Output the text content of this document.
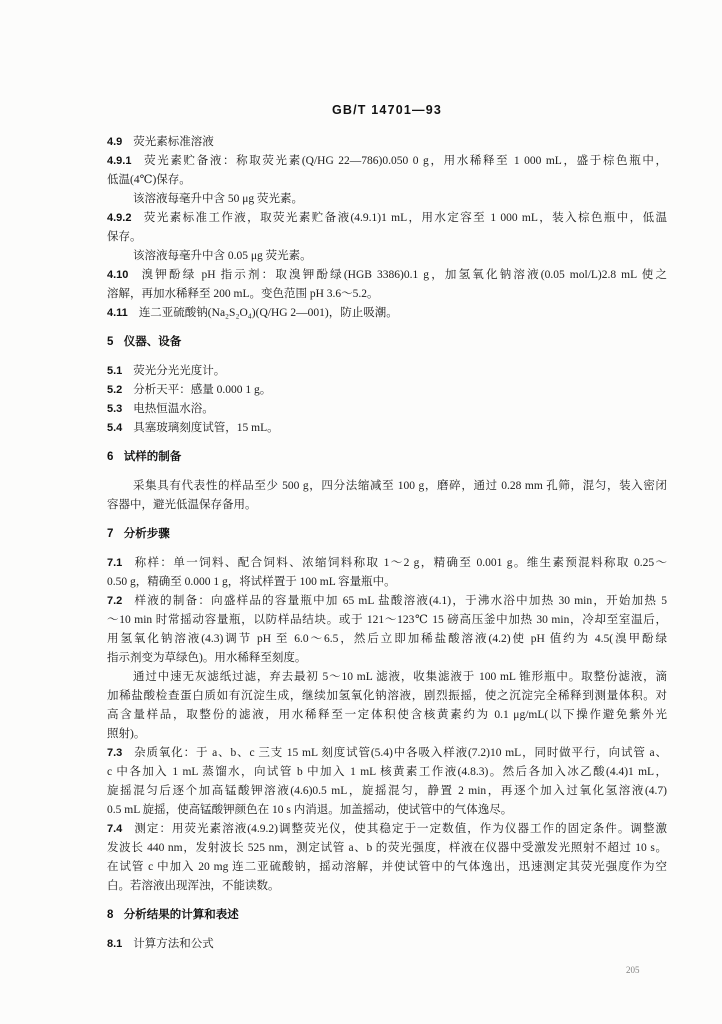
GB/T 14701—93
4.9 荧光素标准溶液
4.9.1 荧光素贮备液：称取荧光素(Q/HG 22—786)0.050 0 g，用水稀释至 1 000 mL，盛于棕色瓶中，
低温(4℃)保存。
该溶液每毫升中含 50 μg 荧光素。
4.9.2 荧光素标准工作液，取荧光素贮备液(4.9.1)1 mL，用水定容至 1 000 mL，装入棕色瓶中，低温
保存。
该溶液每毫升中含 0.05 μg 荧光素。
4.10 溴钾酚绿 pH 指示剂：取溴钾酚绿(HGB 3386)0.1 g，加氢氧化钠溶液(0.05 mol/L)2.8 mL 使之
溶解，再加水稀释至 200 mL。变色范围 pH 3.6～5.2。
4.11 连二亚硫酸钠(Na₂S₂O₄)(Q/HG 2—001)，防止吸潮。
5 仪器、设备
5.1 荧光分光光度计。
5.2 分析天平：感量 0.000 1 g。
5.3 电热恒温水浴。
5.4 具塞玻璃刻度试管，15 mL。
6 试样的制备
采集具有代表性的样品至少 500 g，四分法缩减至 100 g，磨碎，通过 0.28 mm 孔筛，混匀，装入密闭
容器中，避光低温保存备用。
7 分析步骤
7.1 称样：单一饲料、配合饲料、浓缩饲料称取 1～2 g，精确至 0.001 g。维生素预混料称取 0.25～
0.50 g，精确至 0.000 1 g，将试样置于 100 mL 容量瓶中。
7.2 样液的制备：向盛样品的容量瓶中加 65 mL 盐酸溶液(4.1)，于沸水浴中加热 30 min，开始加热 5
～10 min 时常摇动容量瓶，以防样品结块。或于 121～123℃ 15 磅高压釜中加热 30 min，冷却至室温后，
用氢氧化钠溶液(4.3)调节 pH 至 6.0～6.5，然后立即加稀盐酸溶液(4.2)使 pH 值约为 4.5(溴甲酚绿
指示剂变为草绿色)。用水稀释至刻度。
通过中速无灰滤纸过滤，弃去最初 5～10 mL 滤液，收集滤液于 100 mL 锥形瓶中。取整份滤液，滴
加稀盐酸检查蛋白质如有沉淀生成，继续加氢氧化钠溶液，剧烈振摇，使之沉淀完全稀释到测量体积。对
高含量样品，取整份的滤液，用水稀释至一定体积使含核黄素约为 0.1 μg/mL(以下操作避免紫外光
照射)。
7.3 杂质氧化：于 a、b、c 三支 15 mL 刻度试管(5.4)中各吸入样液(7.2)10 mL，同时做平行，向试管 a、
c 中各加入 1 mL 蒸馏水，向试管 b 中加入 1 mL 核黄素工作液(4.8.3)。然后各加入冰乙酸(4.4)1 mL，
旋摇混匀后逐个加高锰酸钾溶液(4.6)0.5 mL，旋摇混匀，静置 2 min，再逐个加入过氧化氢溶液(4.7)
0.5 mL 旋摇，使高锰酸钾颜色在 10 s 内消退。加盖摇动，使试管中的气体逸尽。
7.4 测定：用荧光素溶液(4.9.2)调整荧光仪，使其稳定于一定数值，作为仪器工作的固定条件。调整激
发波长 440 nm，发射波长 525 nm，测定试管 a、b 的荧光强度，样液在仪器中受激发光照射不超过 10 s。
在试管 c 中加入 20 mg 连二亚硫酸钠，摇动溶解，并使试管中的气体逸出，迅速测定其荧光强度作为空
白。若溶液出现浑浊，不能读数。
8 分析结果的计算和表述
8.1 计算方法和公式
205
